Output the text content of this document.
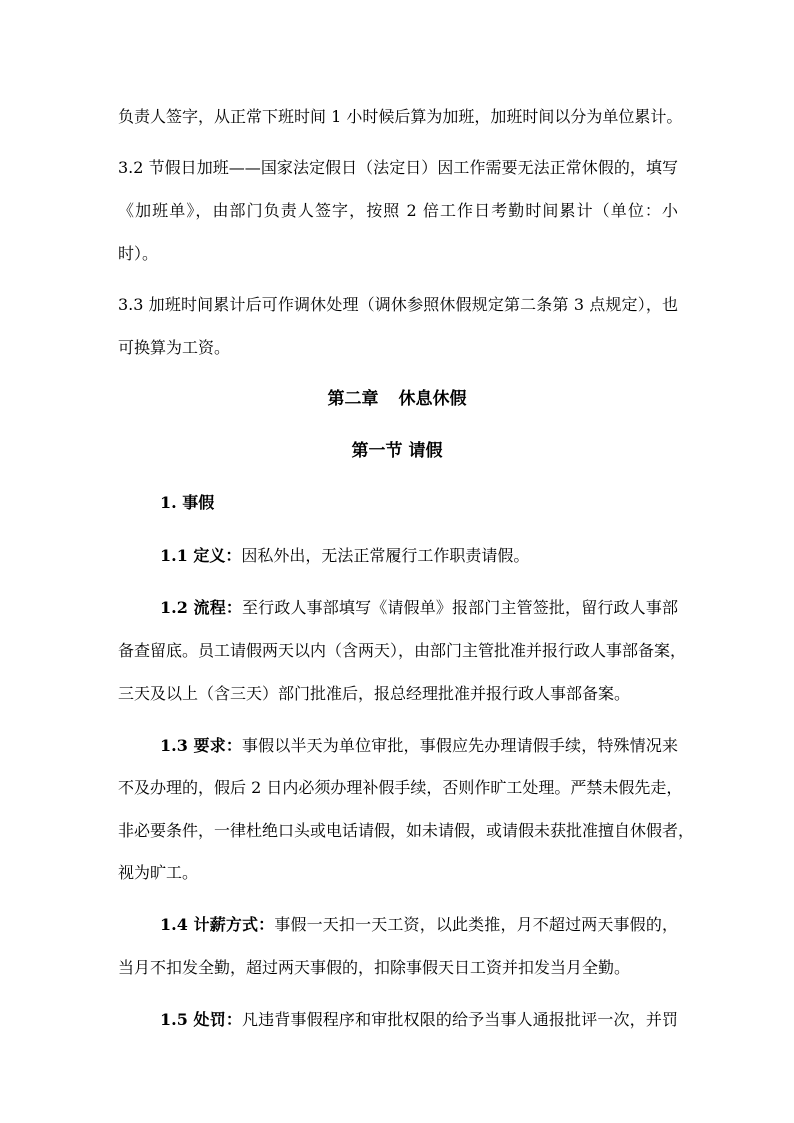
负责人签字，从正常下班时间 1 小时候后算为加班，加班时间以分为单位累计。
3.2 节假日加班——国家法定假日（法定日）因工作需要无法正常休假的，填写
《加班单》，由部门负责人签字，按照 2 倍工作日考勤时间累计（单位：小
时）。
3.3 加班时间累计后可作调休处理（调休参照休假规定第二条第 3 点规定），也
可换算为工资。
第二章 休息休假
第一节 请假
1. 事假
1.1 定义：因私外出，无法正常履行工作职责请假。
1.2 流程：至行政人事部填写《请假单》报部门主管签批，留行政人事部
备查留底。员工请假两天以内（含两天），由部门主管批准并报行政人事部备案，
三天及以上（含三天）部门批准后，报总经理批准并报行政人事部备案。
1.3 要求：事假以半天为单位审批，事假应先办理请假手续，特殊情况来
不及办理的，假后 2 日内必须办理补假手续，否则作旷工处理。严禁未假先走，
非必要条件，一律杜绝口头或电话请假，如未请假，或请假未获批准擅自休假者，
视为旷工。
1.4 计薪方式：事假一天扣一天工资，以此类推，月不超过两天事假的，
当月不扣发全勤，超过两天事假的，扣除事假天日工资并扣发当月全勤。
1.5 处罚：凡违背事假程序和审批权限的给予当事人通报批评一次，并罚
